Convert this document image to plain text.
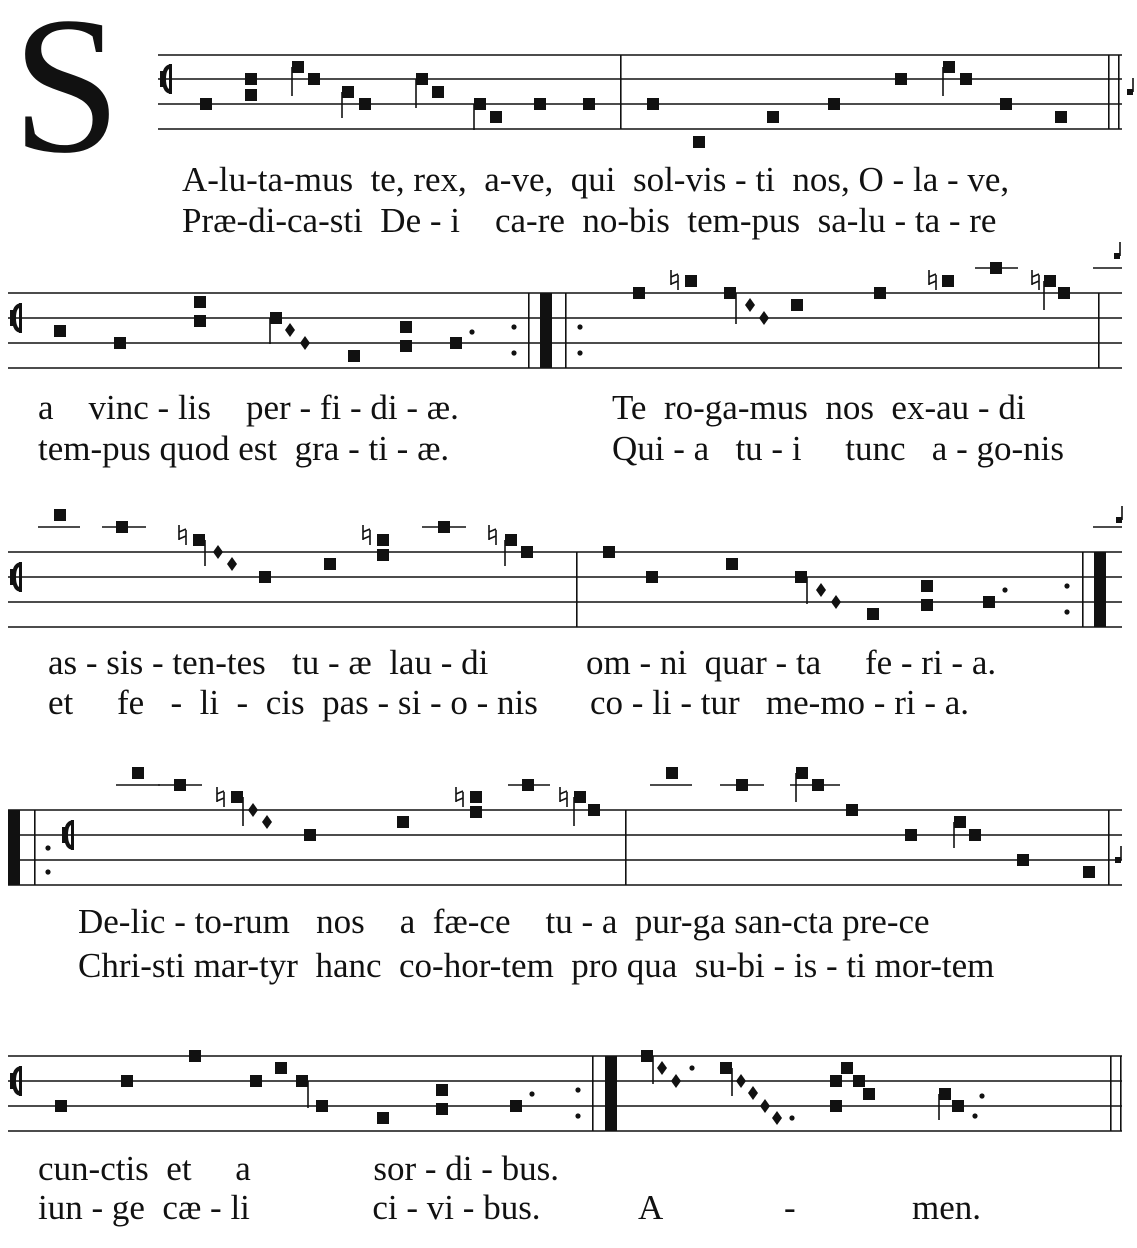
S A-lu-ta-mus  te, rex,  a-ve,  qui  sol-vis - ti  nos, O - la - ve,
Præ-di-ca-sti  De - i    ca-re  no-bis  tem-pus  sa-lu - ta - re
a    vinc - lis    per - fi - di - æ.
tem-pus quod est  gra - ti - æ.
Te  ro-ga-mus  nos  ex-au - di
Qui - a   tu - i     tunc   a - go-nis
as - sis - ten-tes   tu - æ  lau - di
et     fe   -  li  -  cis  pas - si - o - nis
om - ni  quar - ta     fe - ri - a.
co - li - tur   me-mo - ri - a.
De-lic - to-rum   nos    a  fæ-ce    tu - a  pur-ga san-cta pre-ce
Chri-sti mar-tyr  hanc  co-hor-tem  pro qua  su-bi - is - ti mor-tem
cun-ctis  et     a              sor - di - bus.
iun - ge  cæ - li              ci - vi - bus.	A	-	men.
